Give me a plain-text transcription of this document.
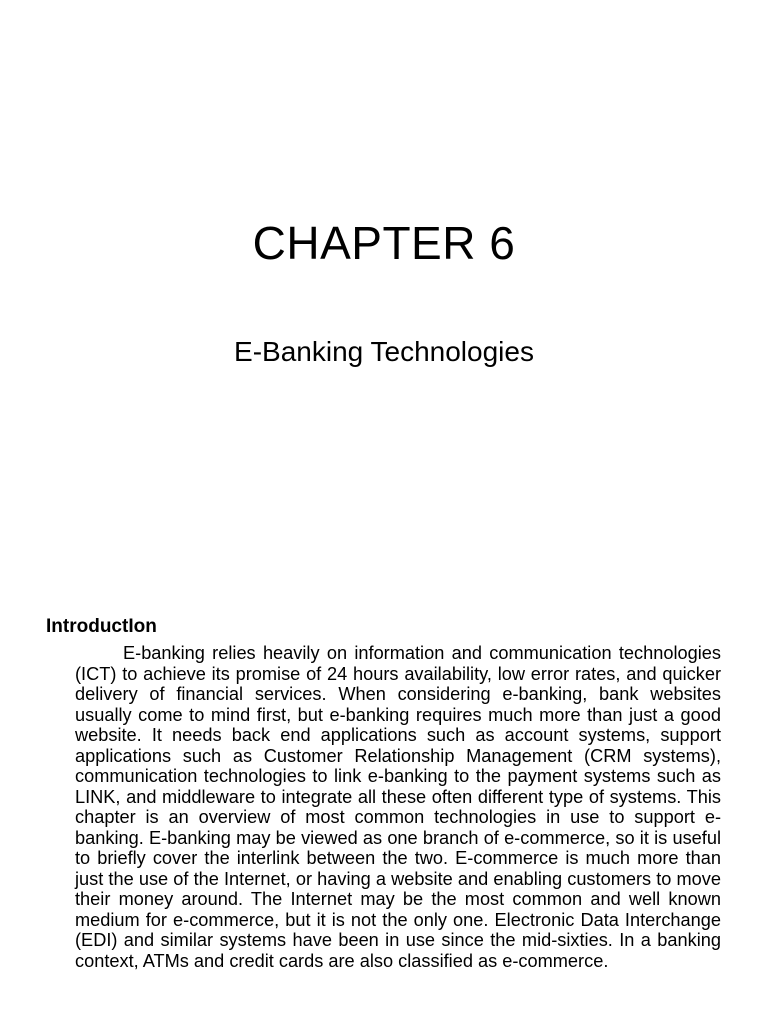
CHAPTER 6
E-Banking Technologies
IntroductIon

E-banking relies heavily on information and communication technologies (ICT) to achieve its promise of 24 hours availability, low error rates, and quicker delivery of financial services. When considering e-banking, bank websites usually come to mind first, but e-banking requires much more than just a good website. It needs back end applications such as account systems, support applications such as Customer Relationship Management (CRM systems), communication technologies to link e-banking to the payment systems such as LINK, and middleware to integrate all these often different type of systems. This chapter is an overview of most common technologies in use to support e-banking. E-banking may be viewed as one branch of e-commerce, so it is useful to briefly cover the interlink between the two. E-commerce is much more than just the use of the Internet, or having a website and enabling customers to move their money around. The Internet may be the most common and well known medium for e-commerce, but it is not the only one. Electronic Data Interchange (EDI) and similar systems have been in use since the mid-sixties. In a banking context, ATMs and credit cards are also classified as e-commerce.
